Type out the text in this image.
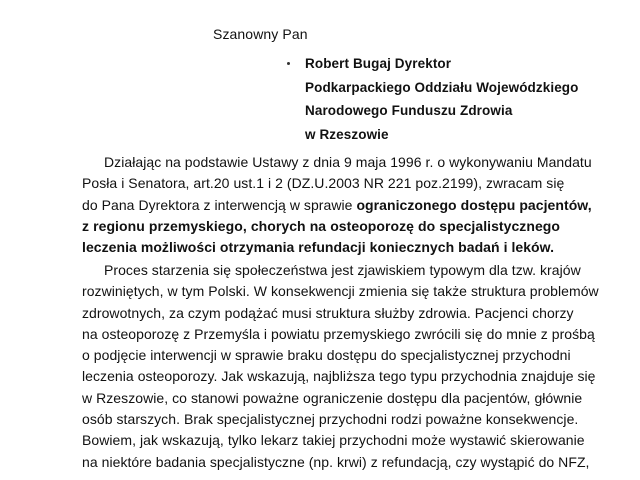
Szanowny Pan
Robert Bugaj Dyrektor
Podkarpackiego Oddziału Wojewódzkiego
Narodowego Funduszu Zdrowia
w Rzeszowie
Działając na podstawie Ustawy z dnia 9 maja 1996 r. o wykonywaniu Mandatu
Posła i Senatora, art.20 ust.1 i 2 (DZ.U.2003 NR 221 poz.2199), zwracam się
do Pana Dyrektora z interwencją w sprawie ograniczonego dostępu pacjentów,
z regionu przemyskiego, chorych na osteoporozę do specjalistycznego
leczenia możliwości otrzymania refundacji koniecznych badań i leków.
Proces starzenia się społeczeństwa jest zjawiskiem typowym dla tzw. krajów
rozwiniętych, w tym Polski. W konsekwencji zmienia się także struktura problemów
zdrowotnych, za czym podążać musi struktura służby zdrowia. Pacjenci chorzy
na osteoporozę z Przemyśla i powiatu przemyskiego zwrócili się do mnie z prośbą
o podjęcie interwencji w sprawie braku dostępu do specjalistycznej przychodni
leczenia osteoporozy. Jak wskazują, najbliższa tego typu przychodnia znajduje się
w Rzeszowie, co stanowi poważne ograniczenie dostępu dla pacjentów, głównie
osób starszych. Brak specjalistycznej przychodni rodzi poważne konsekwencje.
Bowiem, jak wskazują, tylko lekarz takiej przychodni może wystawić skierowanie
na niektóre badania specjalistyczne (np. krwi) z refundacją, czy wystąpić do NFZ,
